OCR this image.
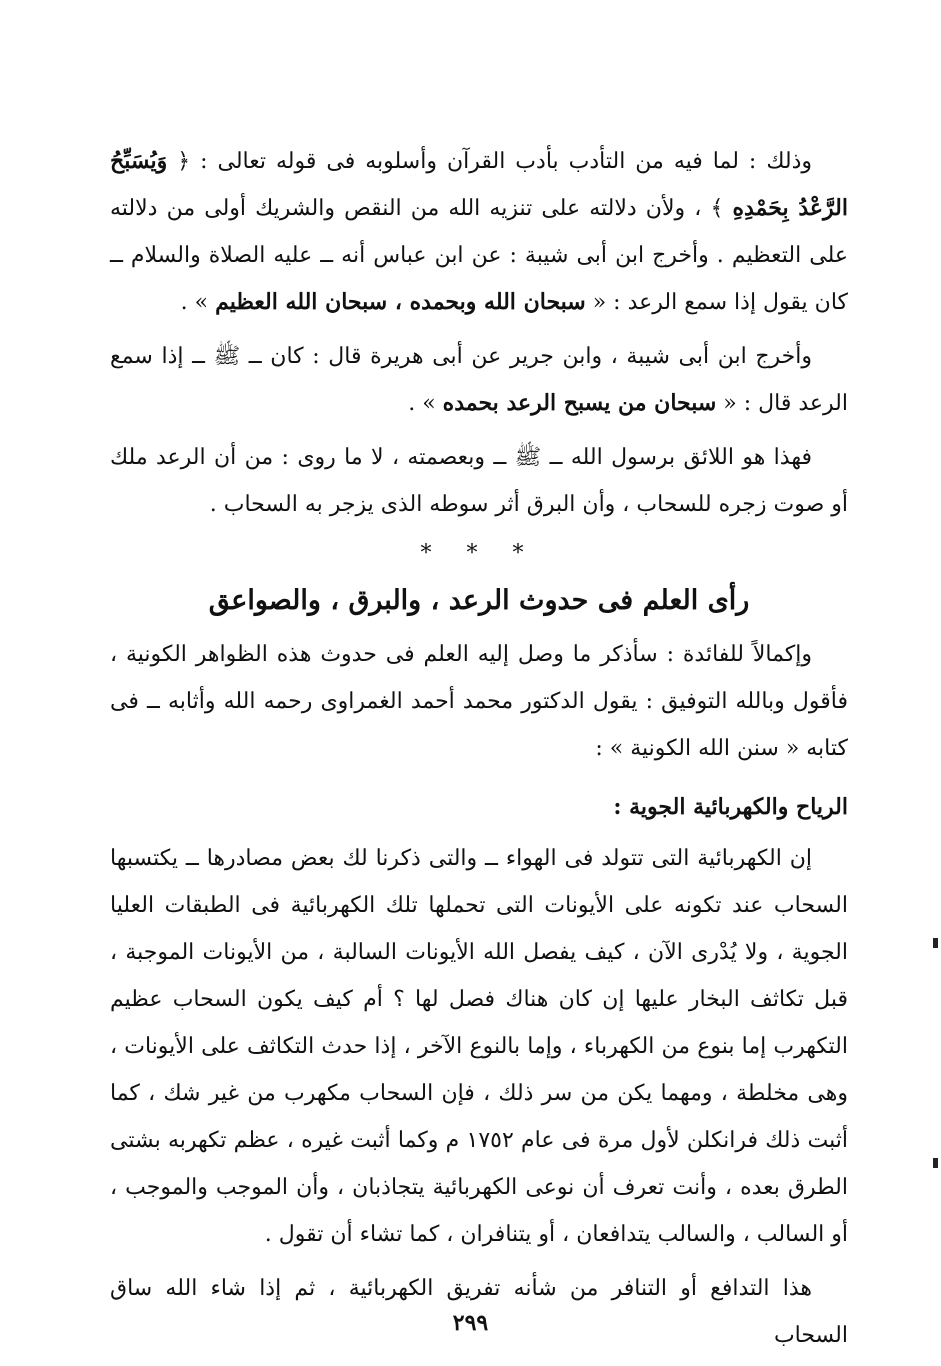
وذلك : لما فيه من التأدب بأدب القرآن وأسلوبه فى قوله تعالى : ﴿ وَيُسَبِّحُ الرَّعْدُ بِحَمْدِهِ ﴾ ، ولأن دلالته على تنزيه الله من النقص والشريك أولى من دلالته على التعظيم . وأخرج ابن أبى شيبة : عن ابن عباس أنه ــ عليه الصلاة والسلام ــ كان يقول إذا سمع الرعد : « سبحان الله وبحمده ، سبحان الله العظيم » .
وأخرج ابن أبى شيبة ، وابن جرير عن أبى هريرة قال : كان ــ ﷺ ــ إذا سمع الرعد قال : « سبحان من يسبح الرعد بحمده » .
فهذا هو اللائق برسول الله ــ ﷺ ــ وبعصمته ، لا ما روى : من أن الرعد ملك أو صوت زجره للسحاب ، وأن البرق أثر سوطه الذى يزجر به السحاب .
* * *
رأى العلم فى حدوث الرعد ، والبرق ، والصواعق
وإكمالاً للفائدة : سأذكر ما وصل إليه العلم فى حدوث هذه الظواهر الكونية ، فأقول وبالله التوفيق : يقول الدكتور محمد أحمد الغمراوى رحمه الله وأثابه ــ فى كتابه « سنن الله الكونية » :
الرياح والكهربائية الجوية :
إن الكهربائية التى تتولد فى الهواء ــ والتى ذكرنا لك بعض مصادرها ــ يكتسبها السحاب عند تكونه على الأيونات التى تحملها تلك الكهربائية فى الطبقات العليا الجوية ، ولا يُدْرى الآن ، كيف يفصل الله الأيونات السالبة ، من الأيونات الموجبة ، قبل تكاثف البخار عليها إن كان هناك فصل لها ؟ أم كيف يكون السحاب عظيم التكهرب إما بنوع من الكهرباء ، وإما بالنوع الآخر ، إذا حدث التكاثف على الأيونات ، وهى مخلطة ، ومهما يكن من سر ذلك ، فإن السحاب مكهرب من غير شك ، كما أثبت ذلك فرانكلن لأول مرة فى عام ١٧٥٢ م وكما أثبت غيره ، عظم تكهربه بشتى الطرق بعده ، وأنت تعرف أن نوعى الكهربائية يتجاذبان ، وأن الموجب والموجب ، أو السالب ، والسالب يتدافعان ، أو يتنافران ، كما تشاء أن تقول .
هذا التدافع أو التنافر من شأنه تفريق الكهربائية ، ثم إذا شاء الله ساق السحاب
٢٩٩
